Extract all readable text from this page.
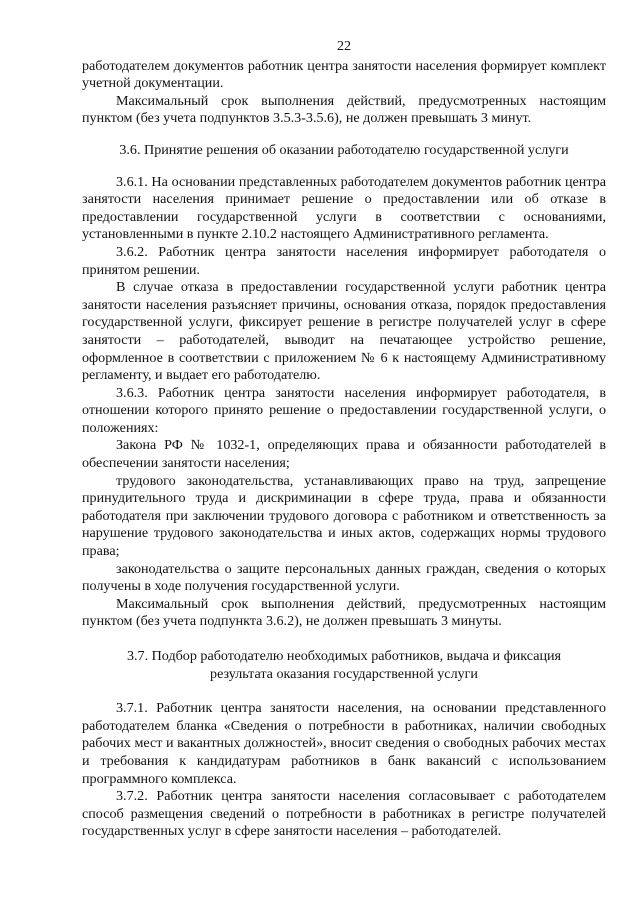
22

работодателем документов работник центра занятости населения формирует комплект учетной документации.

Максимальный срок выполнения действий, предусмотренных настоящим пунктом (без учета подпунктов 3.5.3-3.5.6), не должен превышать 3 минут.

3.6. Принятие решения об оказании работодателю государственной услуги

3.6.1. На основании представленных работодателем документов работник центра занятости населения принимает решение о предоставлении или об отказе в предоставлении государственной услуги в соответствии с основаниями, установленными в пункте 2.10.2 настоящего Административного регламента.

3.6.2. Работник центра занятости населения информирует работодателя о принятом решении.

В случае отказа в предоставлении государственной услуги работник центра занятости населения разъясняет причины, основания отказа, порядок предоставления государственной услуги, фиксирует решение в регистре получателей услуг в сфере занятости – работодателей, выводит на печатающее устройство решение, оформленное в соответствии с приложением № 6 к настоящему Административному регламенту, и выдает его работодателю.

3.6.3. Работник центра занятости населения информирует работодателя, в отношении которого принято решение о предоставлении государственной услуги, о положениях:

Закона РФ № 1032-1, определяющих права и обязанности работодателей в обеспечении занятости населения;

трудового законодательства, устанавливающих право на труд, запрещение принудительного труда и дискриминации в сфере труда, права и обязанности работодателя при заключении трудового договора с работником и ответственность за нарушение трудового законодательства и иных актов, содержащих нормы трудового права;

законодательства о защите персональных данных граждан, сведения о которых получены в ходе получения государственной услуги.

Максимальный срок выполнения действий, предусмотренных настоящим пунктом (без учета подпункта 3.6.2), не должен превышать 3 минуты.

3.7. Подбор работодателю необходимых работников, выдача и фиксация
результата оказания государственной услуги

3.7.1. Работник центра занятости населения, на основании представленного работодателем бланка «Сведения о потребности в работниках, наличии свободных рабочих мест и вакантных должностей», вносит сведения о свободных рабочих местах и требования к кандидатурам работников в банк вакансий с использованием программного комплекса.

3.7.2. Работник центра занятости населения согласовывает с работодателем способ размещения сведений о потребности в работниках в регистре получателей государственных услуг в сфере занятости населения – работодателей.
